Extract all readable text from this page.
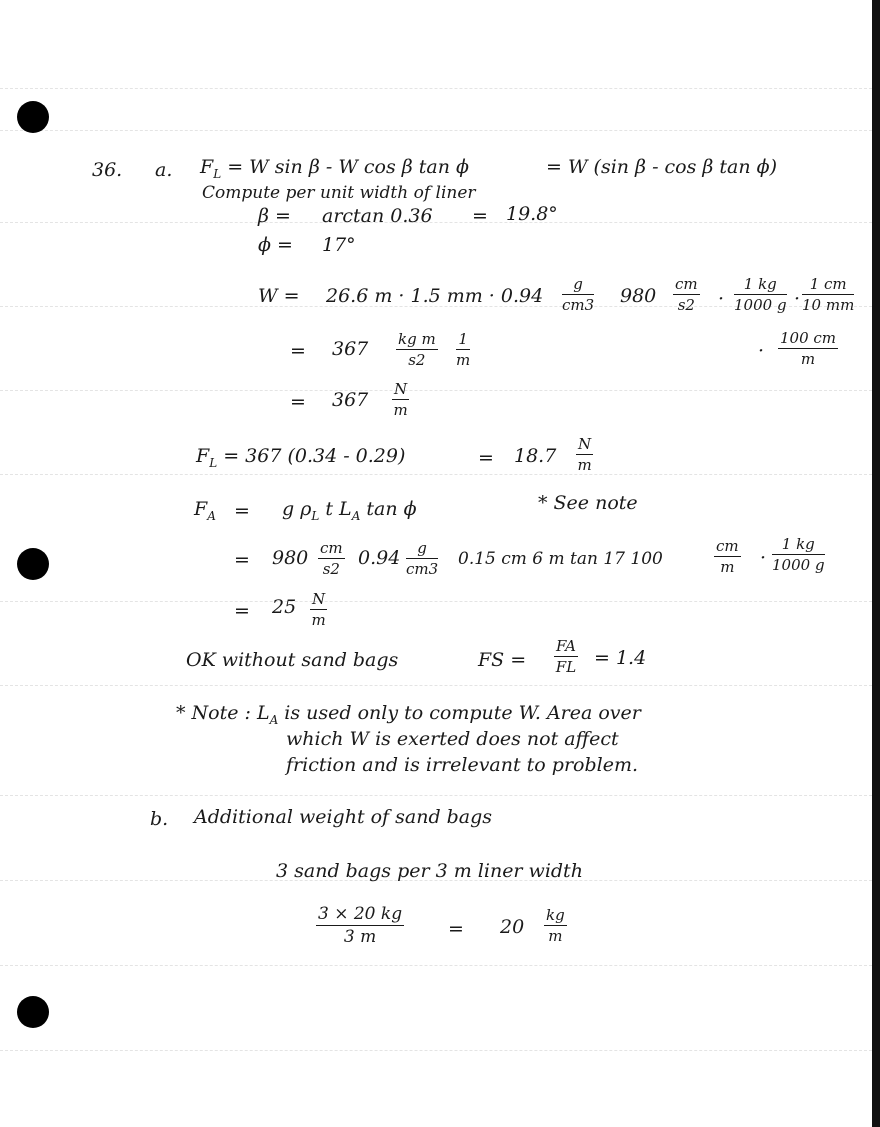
36. a. $F_L = W$ sin β - W cos β tan ϕ	= W (sin β - cos β tan ϕ)
Compute per unit width of liner
β = arctan 0.36 = 19.8°
ϕ = 17°
W = 26.6 m · 1.5 mm · $0.94 \frac{g}{cm3} 980 \frac{cm}{s2} \cdot \frac{1 kg}{1000 g} \cdot \frac{1 cm}{10 mm}$
· $\frac{100 cm}{m}$
= $367 \frac{\text{kg m}}{s2} \frac{1}{m}$
= $367 \frac{N}{m}$
$F_L = 367$ (0.34 - 0.29)	= $18.7 \frac{N}{m}$
$F_A = g$ $\rho_L$ t $L_A$ tan ϕ	* See note
= $980 \frac{cm}{s2} 0.94 \frac{g}{cm3} 0.15$ cm 6 m tan 17 100	$\frac{cm}{m} \cdot \frac{1 kg}{1000 g}$
= $25 \frac{N}{m}$
OK without sand bags	FS = $\frac{FA}{FL} = 1.4$
* Note : $L_A$ is used only to compute W. Area over
which W is exerted does not affect
friction and is irrelevant to problem.
b. Additional weight of sand bags
3 sand bags per 3 m liner width
$\frac{3 \times 20 kg}{3 m} = 20 \frac{kg}{m}$
